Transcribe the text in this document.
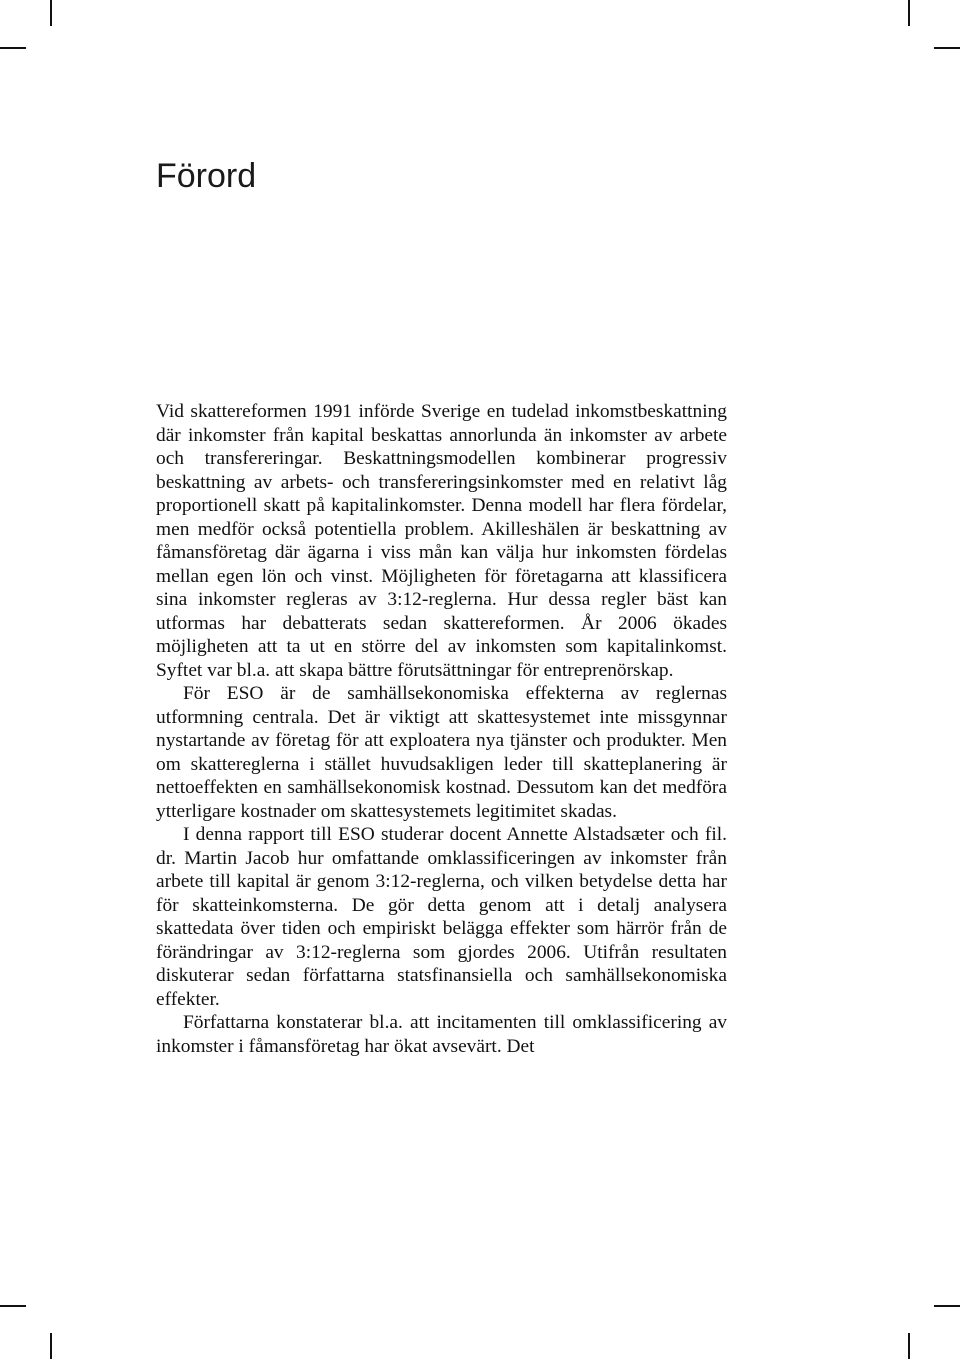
Förord

Vid skattereformen 1991 införde Sverige en tudelad inkomstbeskattning där inkomster från kapital beskattas annorlunda än inkomster av arbete och transfereringar. Beskattningsmodellen kombinerar progressiv beskattning av arbets- och transfereringsinkomster med en relativt låg proportionell skatt på kapitalinkomster. Denna modell har flera fördelar, men medför också potentiella problem. Akilleshälen är beskattning av fåmansföretag där ägarna i viss mån kan välja hur inkomsten fördelas mellan egen lön och vinst. Möjligheten för företagarna att klassificera sina inkomster regleras av 3:12-reglerna. Hur dessa regler bäst kan utformas har debatterats sedan skattereformen. År 2006 ökades möjligheten att ta ut en större del av inkomsten som kapitalinkomst. Syftet var bl.a. att skapa bättre förutsättningar för entreprenörskap.

För ESO är de samhällsekonomiska effekterna av reglernas utformning centrala. Det är viktigt att skattesystemet inte missgynnar nystartande av företag för att exploatera nya tjänster och produkter. Men om skattereglerna i stället huvudsakligen leder till skatteplanering är nettoeffekten en samhällsekonomisk kostnad. Dessutom kan det medföra ytterligare kostnader om skattesystemets legitimitet skadas.

I denna rapport till ESO studerar docent Annette Alstadsæter och fil. dr. Martin Jacob hur omfattande omklassificeringen av inkomster från arbete till kapital är genom 3:12-reglerna, och vilken betydelse detta har för skatteinkomsterna. De gör detta genom att i detalj analysera skattedata över tiden och empiriskt belägga effekter som härrör från de förändringar av 3:12-reglerna som gjordes 2006. Utifrån resultaten diskuterar sedan författarna statsfinansiella och samhällsekonomiska effekter.

Författarna konstaterar bl.a. att incitamenten till omklassificering av inkomster i fåmansföretag har ökat avsevärt. Det
